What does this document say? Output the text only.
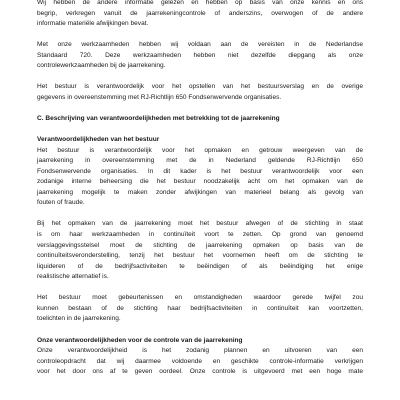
Wij hebben de andere informatie gelezen en hebben op basis van onze kennis en ons
begrip, verkregen vanuit de jaarrekeningcontrole of anderszins, overwogen of de andere
informatie materiële afwijkingen bevat.

Met onze werkzaamheden hebben wij voldaan aan de vereisten in de Nederlandse
Standaard 720. Deze werkzaamheden hebben niet dezelfde diepgang als onze
controlewerkzaamheden bij de jaarrekening.

Het bestuur is verantwoordelijk voor het opstellen van het bestuursverslag en de overige
gegevens in overeenstemming met RJ-Richtlijn 650 Fondsenwervende organisaties.

C. Beschrijving van verantwoordelijkheden met betrekking tot de jaarrekening

Verantwoordelijkheden van het bestuur

Het bestuur is verantwoordelijk voor het opmaken en getrouw weergeven van de
jaarrekening in overeenstemming met de in Nederland geldende RJ-Richtlijn 650
Fondsenwervende organisaties. In dit kader is het bestuur verantwoordelijk voor een
zodanige interne beheersing die het bestuur noodzakelijk acht om het opmaken van de
jaarrekening mogelijk te maken zonder afwijkingen van materieel belang als gevolg van
fouten of fraude.

Bij het opmaken van de jaarrekening moet het bestuur afwegen of de stichting in staat
is om haar werkzaamheden in continuïteit voort te zetten. Op grond van genoemd
verslaggevingsstelsel moet de stichting de jaarrekening opmaken op basis van de
continuïteitsveronderstelling, tenzij het bestuur het voornemen heeft om de stichting te
liquideren of de bedrijfsactiviteiten te beëindigen of als beëindiging het enige
realistische alternatief is.

Het bestuur moet gebeurtenissen en omstandigheden waardoor gerede twijfel zou
kunnen bestaan of de stichting haar bedrijfsactiviteiten in continuïteit kan voortzetten,
toelichten in de jaarrekening.

Onze verantwoordelijkheden voor de controle van de jaarrekening

Onze verantwoordelijkheid is het zodanig plannen en uitvoeren van een
controleopdracht dat wij daarmee voldoende en geschikte controle-informatie verkrijgen
voor het door ons af te geven oordeel. Onze controle is uitgevoerd met een hoge mate
